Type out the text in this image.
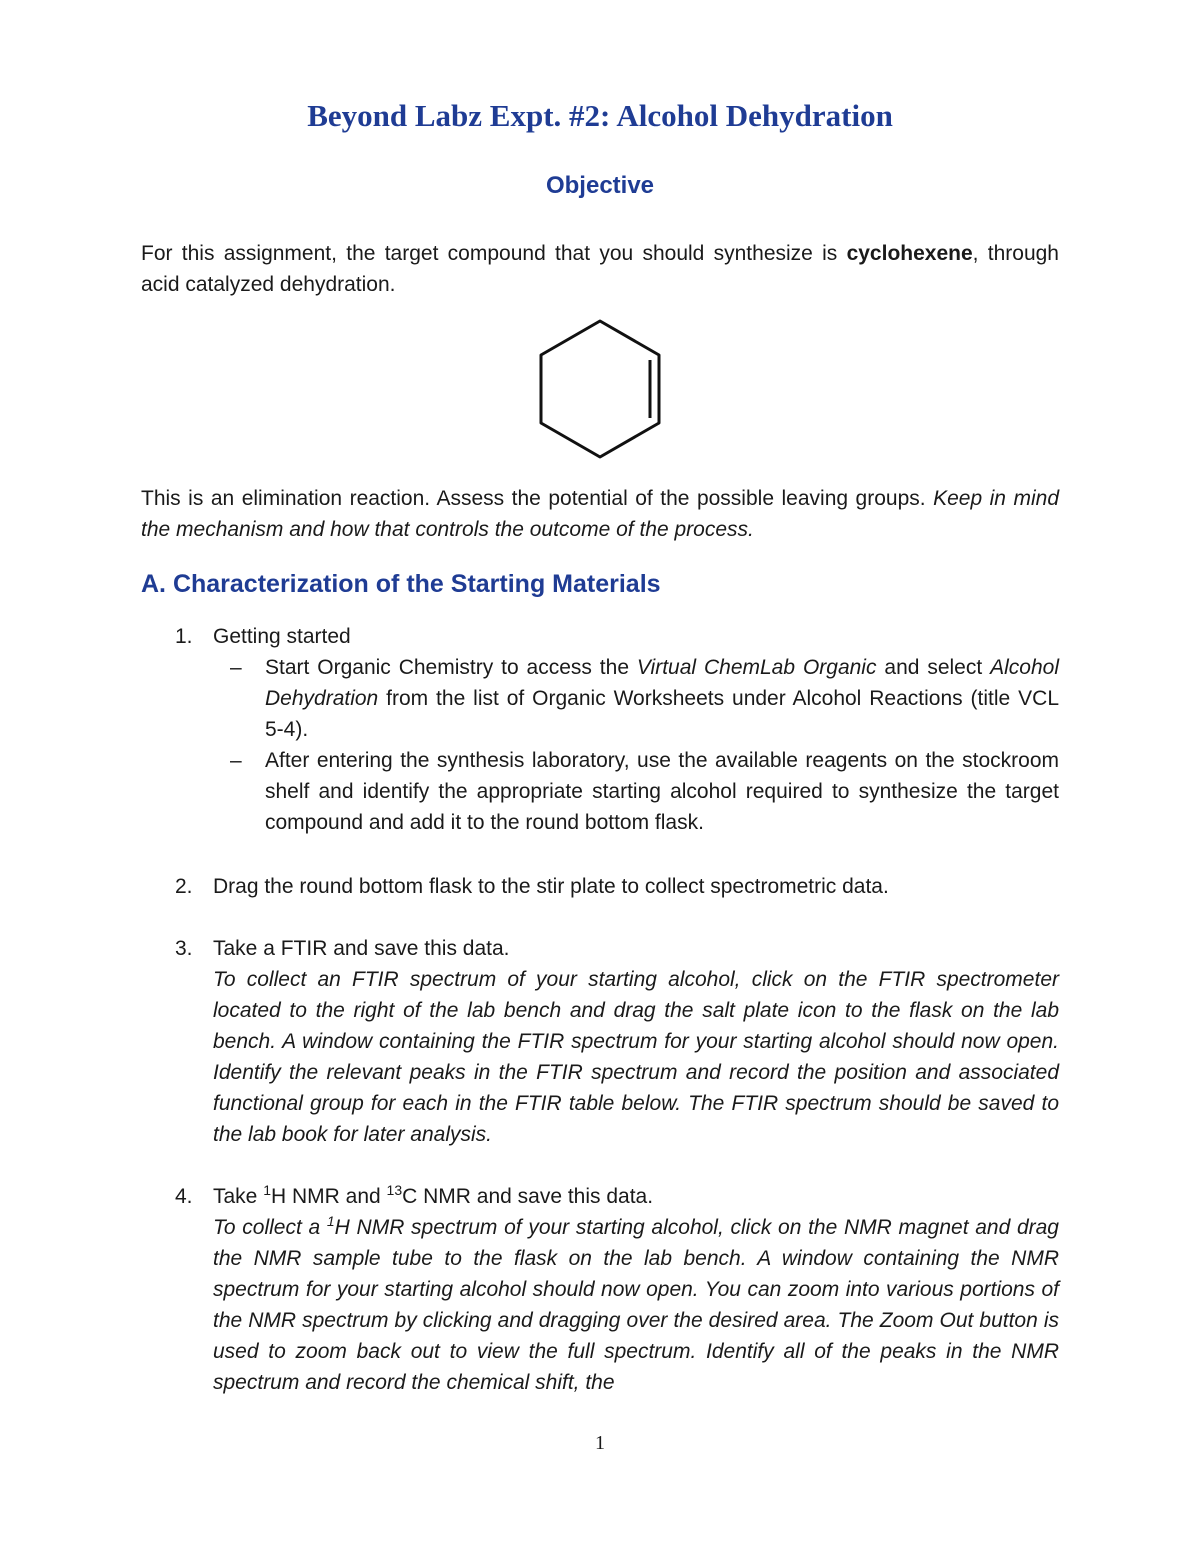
Beyond Labz Expt. #2: Alcohol Dehydration
Objective

For this assignment, the target compound that you should synthesize is cyclohexene, through acid catalyzed dehydration.

This is an elimination reaction. Assess the potential of the possible leaving groups. Keep in mind the mechanism and how that controls the outcome of the process.

A. Characterization of the Starting Materials
1. Getting started
– Start Organic Chemistry to access the Virtual ChemLab Organic and select Alcohol Dehydration from the list of Organic Worksheets under Alcohol Reactions (title VCL 5-4).
– After entering the synthesis laboratory, use the available reagents on the stockroom shelf and identify the appropriate starting alcohol required to synthesize the target compound and add it to the round bottom flask.
2. Drag the round bottom flask to the stir plate to collect spectrometric data.
3. Take a FTIR and save this data.
To collect an FTIR spectrum of your starting alcohol, click on the FTIR spectrometer located to the right of the lab bench and drag the salt plate icon to the flask on the lab bench. A window containing the FTIR spectrum for your starting alcohol should now open. Identify the relevant peaks in the FTIR spectrum and record the position and associated functional group for each in the FTIR table below. The FTIR spectrum should be saved to the lab book for later analysis.
4. Take $^1$H NMR and $^{13}$C NMR and save this data.
To collect a $^1$H NMR spectrum of your starting alcohol, click on the NMR magnet and drag the NMR sample tube to the flask on the lab bench. A window containing the NMR spectrum for your starting alcohol should now open. You can zoom into various portions of the NMR spectrum by clicking and dragging over the desired area. The Zoom Out button is used to zoom back out to view the full spectrum. Identify all of the peaks in the NMR spectrum and record the chemical shift, the
1
